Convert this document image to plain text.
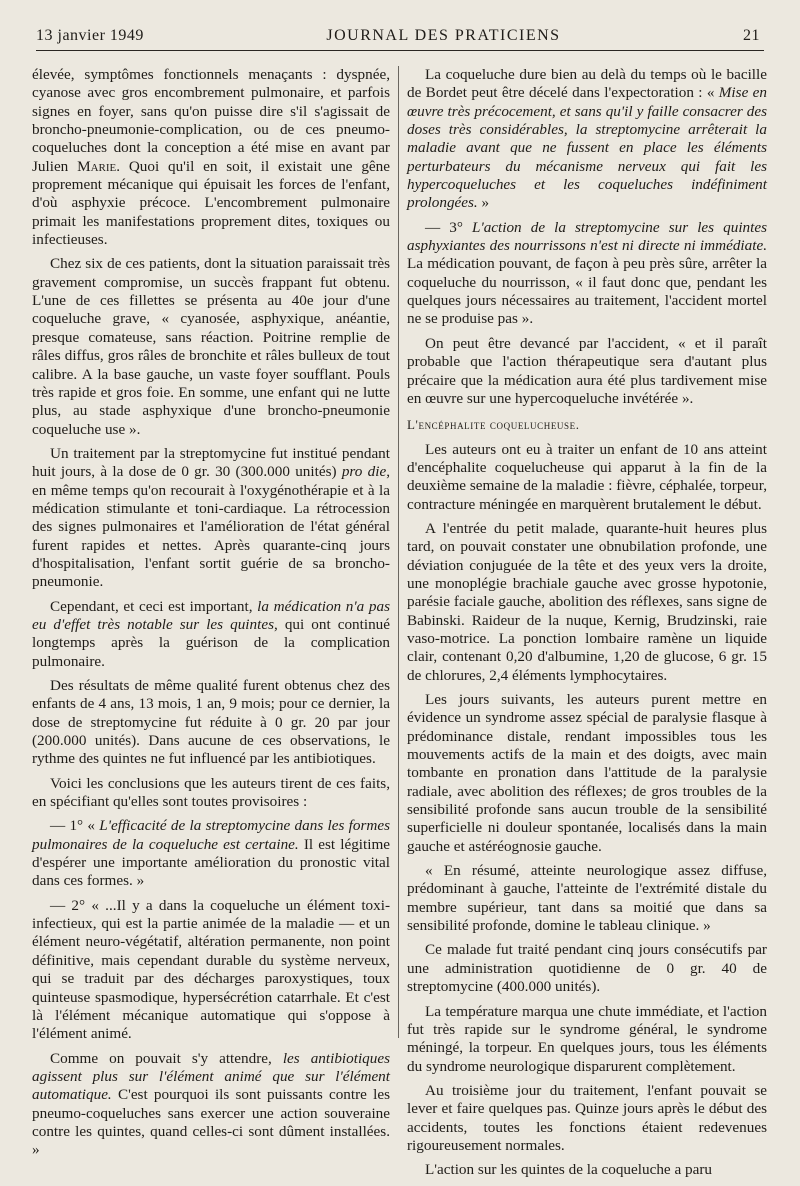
13 janvier 1949	JOURNAL DES PRATICIENS	21

élevée, symptômes fonctionnels menaçants : dyspnée, cyanose avec gros encombrement pulmonaire, et parfois signes en foyer, sans qu'on puisse dire s'il s'agissait de broncho-pneumonie-complication, ou de ces pneumo-coqueluches dont la conception a été mise en avant par Julien Marie. Quoi qu'il en soit, il existait une gêne proprement mécanique qui épuisait les forces de l'enfant, d'où asphyxie précoce. L'encombrement pulmonaire primait les manifestations proprement dites, toxiques ou infectieuses.

Chez six de ces patients, dont la situation paraissait très gravement compromise, un succès frappant fut obtenu. L'une de ces fillettes se présenta au 40e jour d'une coqueluche grave, « cyanosée, asphyxique, anéantie, presque comateuse, sans réaction. Poitrine remplie de râles diffus, gros râles de bronchite et râles bulleux de tout calibre. A la base gauche, un vaste foyer soufflant. Pouls très rapide et gros foie. En somme, une enfant qui ne lutte plus, au stade asphyxique d'une broncho-pneumonie coqueluche use ».

Un traitement par la streptomycine fut institué pendant huit jours, à la dose de 0 gr. 30 (300.000 unités) pro die, en même temps qu'on recourait à l'oxygénothérapie et à la médication stimulante et toni-cardiaque. La rétrocession des signes pulmonaires et l'amélioration de l'état général furent rapides et nettes. Après quarante-cinq jours d'hospitalisation, l'enfant sortit guérie de sa broncho-pneumonie.

Cependant, et ceci est important, la médication n'a pas eu d'effet très notable sur les quintes, qui ont continué longtemps après la guérison de la complication pulmonaire.

Des résultats de même qualité furent obtenus chez des enfants de 4 ans, 13 mois, 1 an, 9 mois; pour ce dernier, la dose de streptomycine fut réduite à 0 gr. 20 par jour (200.000 unités). Dans aucune de ces observations, le rythme des quintes ne fut influencé par les antibiotiques.

Voici les conclusions que les auteurs tirent de ces faits, en spécifiant qu'elles sont toutes provisoires :

— 1° « L'efficacité de la streptomycine dans les formes pulmonaires de la coqueluche est certaine. Il est légitime d'espérer une importante amélioration du pronostic vital dans ces formes. »

— 2° « ...Il y a dans la coqueluche un élément toxi-infectieux, qui est la partie animée de la maladie — et un élément neuro-végétatif, altération permanente, non point définitive, mais cependant durable du système nerveux, qui se traduit par des décharges paroxystiques, toux quinteuse spasmodique, hypersécrétion catarrhale. Et c'est là l'élément mécanique automatique qui s'oppose à l'élément animé.

Comme on pouvait s'y attendre, les antibiotiques agissent plus sur l'élément animé que sur l'élément automatique. C'est pourquoi ils sont puissants contre les pneumo-coqueluches sans exercer une action souveraine contre les quintes, quand celles-ci sont dûment installées. »

La coqueluche dure bien au delà du temps où le bacille de Bordet peut être décelé dans l'expectoration : « Mise en œuvre très précocement, et sans qu'il y faille consacrer des doses très considérables, la streptomycine arrêterait la maladie avant que ne fussent en place les éléments perturbateurs du mécanisme nerveux qui fait les hypercoqueluches et les coqueluches indéfiniment prolongées. »

— 3° L'action de la streptomycine sur les quintes asphyxiantes des nourrissons n'est ni directe ni immédiate. La médication pouvant, de façon à peu près sûre, arrêter la coqueluche du nourrisson, « il faut donc que, pendant les quelques jours nécessaires au traitement, l'accident mortel ne se produise pas ».

On peut être devancé par l'accident, « et il paraît probable que l'action thérapeutique sera d'autant plus précaire que la médication aura été plus tardivement mise en œuvre sur une hypercoqueluche invétérée ».

L'encéphalite coquelucheuse.

Les auteurs ont eu à traiter un enfant de 10 ans atteint d'encéphalite coquelucheuse qui apparut à la fin de la deuxième semaine de la maladie : fièvre, céphalée, torpeur, contracture méningée en marquèrent brutalement le début.

A l'entrée du petit malade, quarante-huit heures plus tard, on pouvait constater une obnubilation profonde, une déviation conjuguée de la tête et des yeux vers la droite, une monoplégie brachiale gauche avec grosse hypotonie, parésie faciale gauche, abolition des réflexes, sans signe de Babinski. Raideur de la nuque, Kernig, Brudzinski, raie vaso-motrice. La ponction lombaire ramène un liquide clair, contenant 0,20 d'albumine, 1,20 de glucose, 6 gr. 15 de chlorures, 2,4 éléments lymphocytaires.

Les jours suivants, les auteurs purent mettre en évidence un syndrome assez spécial de paralysie flasque à prédominance distale, rendant impossibles tous les mouvements actifs de la main et des doigts, avec main tombante en pronation dans l'attitude de la paralysie radiale, avec abolition des réflexes; de gros troubles de la sensibilité profonde sans aucun trouble de la sensibilité superficielle ni douleur spontanée, localisés dans la main gauche et astéréognosie gauche.

« En résumé, atteinte neurologique assez diffuse, prédominant à gauche, l'atteinte de l'extrémité distale du membre supérieur, tant dans sa moitié que dans sa sensibilité profonde, domine le tableau clinique. »

Ce malade fut traité pendant cinq jours consécutifs par une administration quotidienne de 0 gr. 40 de streptomycine (400.000 unités).

La température marqua une chute immédiate, et l'action fut très rapide sur le syndrome général, le syndrome méningé, la torpeur. En quelques jours, tous les éléments du syndrome neurologique disparurent complètement.

Au troisième jour du traitement, l'enfant pouvait se lever et faire quelques pas. Quinze jours après le début des accidents, toutes les fonctions étaient redevenues rigoureusement normales.

L'action sur les quintes de la coqueluche a paru
